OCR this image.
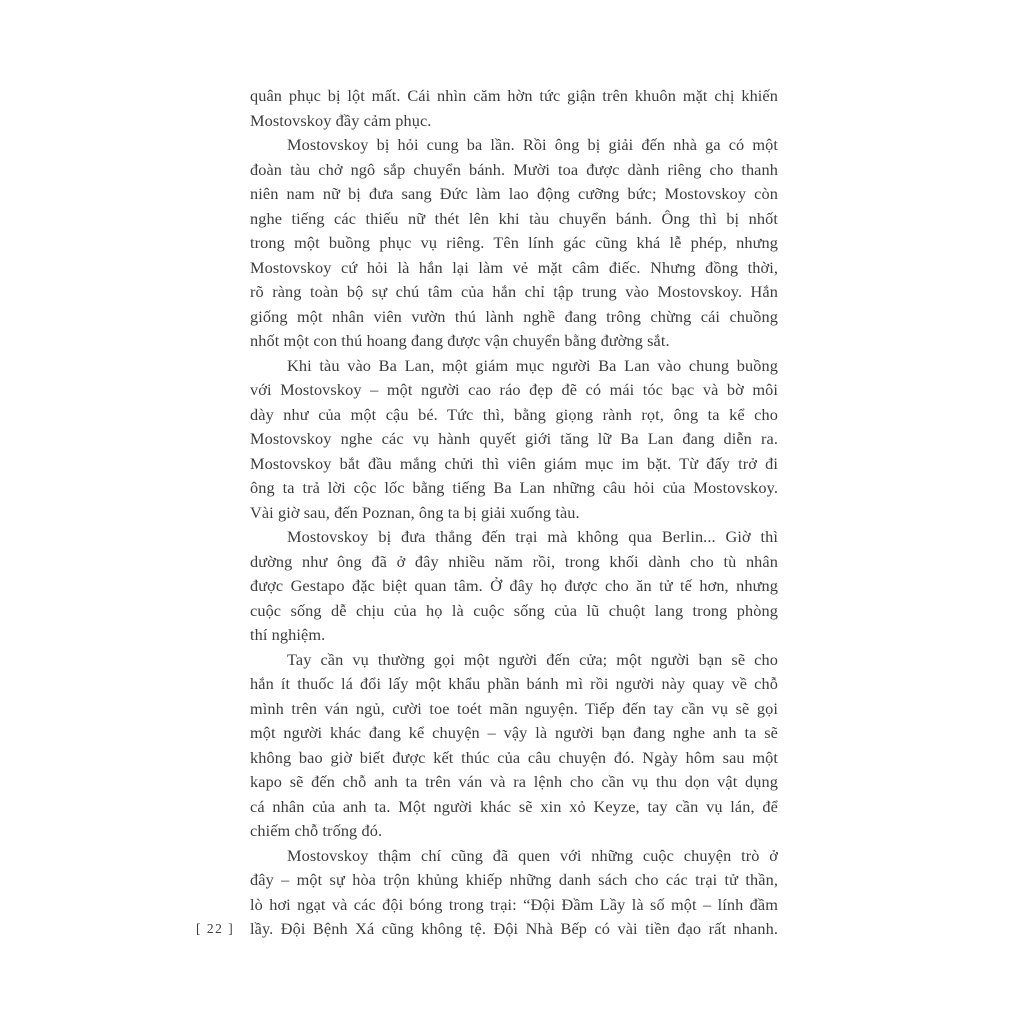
[ 22 ]
quân phục bị lột mất. Cái nhìn căm hờn tức giận trên khuôn mặt chị khiến
Mostovskoy đầy cảm phục.
Mostovskoy bị hỏi cung ba lần. Rồi ông bị giải đến nhà ga có một
đoàn tàu chở ngô sắp chuyển bánh. Mười toa được dành riêng cho thanh
niên nam nữ bị đưa sang Đức làm lao động cưỡng bức; Mostovskoy còn
nghe tiếng các thiếu nữ thét lên khi tàu chuyển bánh. Ông thì bị nhốt
trong một buồng phục vụ riêng. Tên lính gác cũng khá lễ phép, nhưng
Mostovskoy cứ hỏi là hắn lại làm vẻ mặt câm điếc. Nhưng đồng thời,
rõ ràng toàn bộ sự chú tâm của hắn chỉ tập trung vào Mostovskoy. Hắn
giống một nhân viên vườn thú lành nghề đang trông chừng cái chuồng
nhốt một con thú hoang đang được vận chuyển bằng đường sắt.
Khi tàu vào Ba Lan, một giám mục người Ba Lan vào chung buồng
với Mostovskoy – một người cao ráo đẹp đẽ có mái tóc bạc và bờ môi
dày như của một cậu bé. Tức thì, bằng giọng rành rọt, ông ta kể cho
Mostovskoy nghe các vụ hành quyết giới tăng lữ Ba Lan đang diễn ra.
Mostovskoy bắt đầu mắng chửi thì viên giám mục im bặt. Từ đấy trở đi
ông ta trả lời cộc lốc bằng tiếng Ba Lan những câu hỏi của Mostovskoy.
Vài giờ sau, đến Poznan, ông ta bị giải xuống tàu.
Mostovskoy bị đưa thẳng đến trại mà không qua Berlin... Giờ thì
dường như ông đã ở đây nhiều năm rồi, trong khối dành cho tù nhân
được Gestapo đặc biệt quan tâm. Ở đây họ được cho ăn tử tế hơn, nhưng
cuộc sống dễ chịu của họ là cuộc sống của lũ chuột lang trong phòng
thí nghiệm.
Tay cần vụ thường gọi một người đến cửa; một người bạn sẽ cho
hắn ít thuốc lá đổi lấy một khẩu phần bánh mì rồi người này quay về chỗ
mình trên ván ngủ, cười toe toét mãn nguyện. Tiếp đến tay cần vụ sẽ gọi
một người khác đang kể chuyện – vậy là người bạn đang nghe anh ta sẽ
không bao giờ biết được kết thúc của câu chuyện đó. Ngày hôm sau một
kapo sẽ đến chỗ anh ta trên ván và ra lệnh cho cần vụ thu dọn vật dụng
cá nhân của anh ta. Một người khác sẽ xin xỏ Keyze, tay cần vụ lán, để
chiếm chỗ trống đó.
Mostovskoy thậm chí cũng đã quen với những cuộc chuyện trò ở
đây – một sự hòa trộn khủng khiếp những danh sách cho các trại tử thần,
lò hơi ngạt và các đội bóng trong trại: “Đội Đầm Lầy là số một – lính đầm
lầy. Đội Bệnh Xá cũng không tệ. Đội Nhà Bếp có vài tiền đạo rất nhanh.
